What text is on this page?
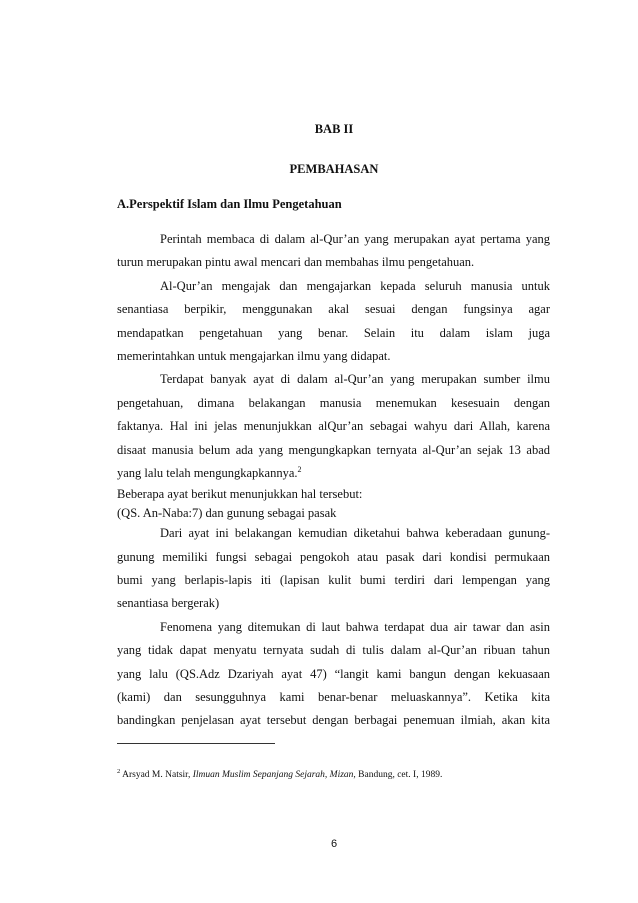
BAB II
PEMBAHASAN
A.Perspektif Islam dan Ilmu Pengetahuan
Perintah membaca di dalam al-Qur’an yang merupakan ayat pertama yang
turun merupakan pintu awal mencari dan membahas ilmu pengetahuan.
Al-Qur’an mengajak dan mengajarkan kepada seluruh manusia untuk
senantiasa berpikir, menggunakan akal sesuai dengan fungsinya agar
mendapatkan pengetahuan yang benar. Selain itu dalam islam juga
memerintahkan untuk mengajarkan ilmu yang didapat.
Terdapat banyak ayat di dalam al-Qur’an yang merupakan sumber ilmu
pengetahuan, dimana belakangan manusia menemukan kesesuain dengan
faktanya. Hal ini jelas menunjukkan alQur’an sebagai wahyu dari Allah, karena
disaat manusia belum ada yang mengungkapkan ternyata al-Qur’an sejak 13 abad
yang lalu telah mengungkapkannya.$^2$
Beberapa ayat berikut menunjukkan hal tersebut:
(QS. An-Naba:7) dan gunung sebagai pasak
Dari ayat ini belakangan kemudian diketahui bahwa keberadaan gunung-
gunung memiliki fungsi sebagai pengokoh atau pasak dari kondisi permukaan
bumi yang berlapis-lapis iti (lapisan kulit bumi terdiri dari lempengan yang
senantiasa bergerak)
Fenomena yang ditemukan di laut bahwa terdapat dua air tawar dan asin
yang tidak dapat menyatu ternyata sudah di tulis dalam al-Qur’an ribuan tahun
yang lalu (QS.Adz Dzariyah ayat 47) “langit kami bangun dengan kekuasaan
(kami) dan sesungguhnya kami benar-benar meluaskannya”. Ketika kita
bandingkan penjelasan ayat tersebut dengan berbagai penemuan ilmiah, akan kita
$^2$ Arsyad M. Natsir, Ilmuan Muslim Sepanjang Sejarah, Mizan, Bandung, cet. I, 1989.
6
